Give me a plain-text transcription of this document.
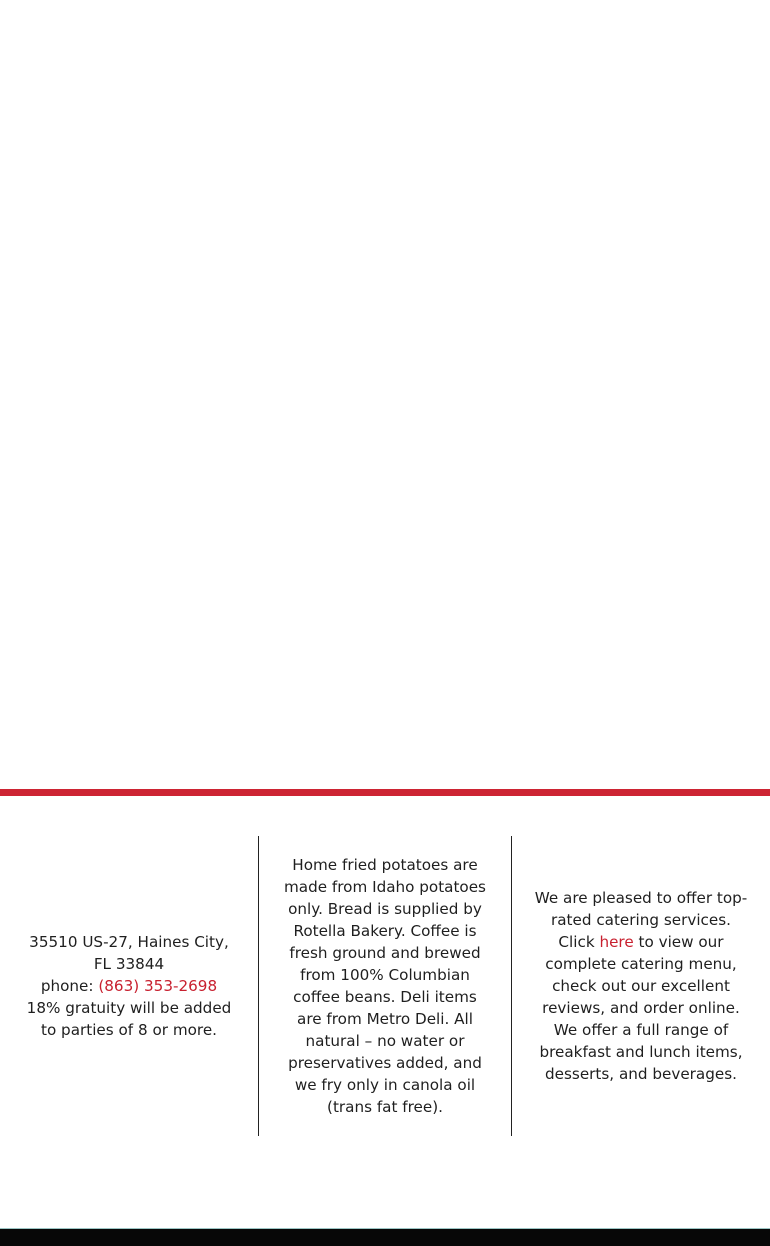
35510 US-27, Haines City,
FL 33844
phone: (863) 353-2698
18% gratuity will be added
to parties of 8 or more.

Home fried potatoes are made from Idaho potatoes only. Bread is supplied by Rotella Bakery. Coffee is fresh ground and brewed from 100% Columbian coffee beans. Deli items are from Metro Deli. All natural – no water or preservatives added, and we fry only in canola oil (trans fat free).

We are pleased to offer top-rated catering services. Click here to view our complete catering menu, check out our excellent reviews, and order online. We offer a full range of breakfast and lunch items, desserts, and beverages.
